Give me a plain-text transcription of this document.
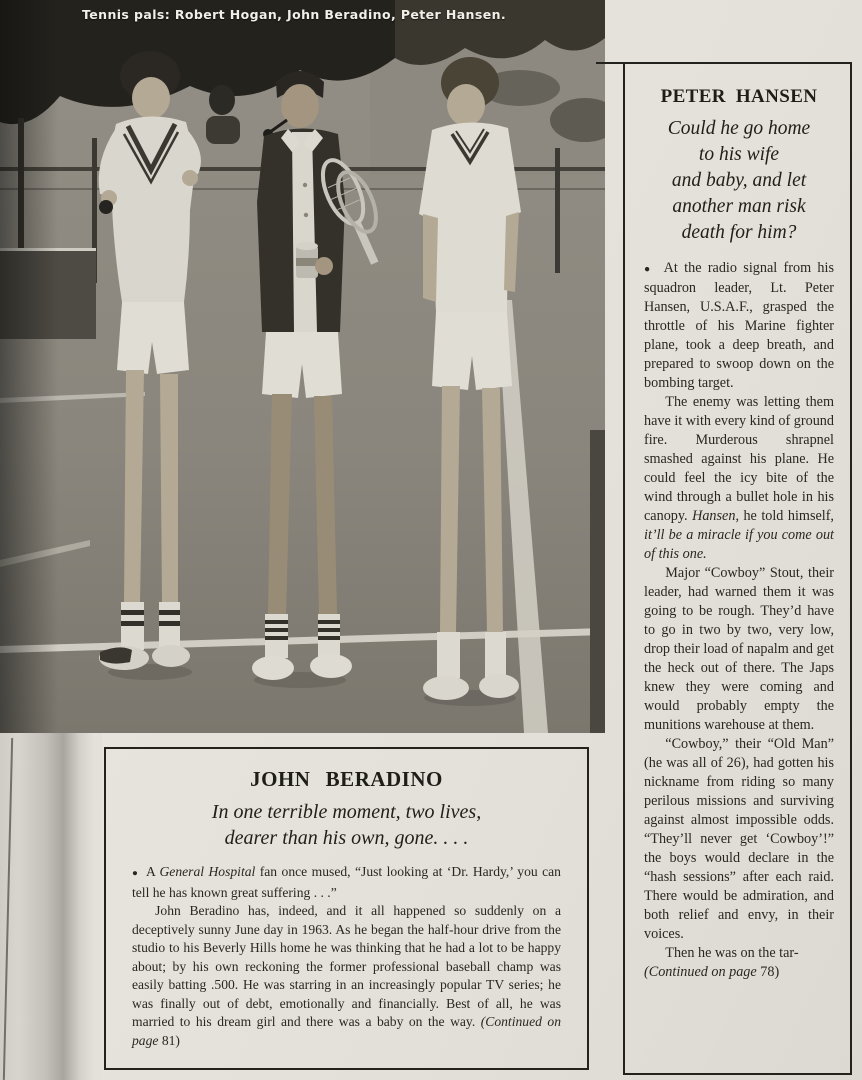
Tennis pals: Robert Hogan, John Beradino, Peter Hansen.
JOHN BERADINO
In one terrible moment, two lives,
dearer than his own, gone. . . .

●  A General Hospital fan once mused, “Just looking at ‘Dr. Hardy,’ you can tell he has known great suffering . . .”

John Beradino has, indeed, and it all happened so suddenly on a deceptively sunny June day in 1963. As he began the half-hour drive from the studio to his Beverly Hills home he was thinking that he had a lot to be happy about; by his own reckoning the former professional baseball champ was easily batting .500. He was starring in an increasingly popular TV series; he was finally out of debt, emotionally and financially. Best of all, he was married to his dream girl and there was a baby on the way. (Continued on page 81)

PETER HANSEN
Could he go home
to his wife
and baby, and let
another man risk
death for him?

●  At the radio signal from his squadron leader, Lt. Peter Hansen, U.S.A.F., grasped the throttle of his Marine fighter plane, took a deep breath, and prepared to swoop down on the bombing target.

The enemy was letting them have it with every kind of ground fire. Murderous shrapnel smashed against his plane. He could feel the icy bite of the wind through a bullet hole in his canopy. Hansen, he told himself, it’ll be a miracle if you come out of this one.

Major “Cowboy” Stout, their leader, had warned them it was going to be rough. They’d have to go in two by two, very low, drop their load of napalm and get the heck out of there. The Japs knew they were coming and would probably empty the munitions warehouse at them.

“Cowboy,” their “Old Man” (he was all of 26), had gotten his nickname from riding so many perilous missions and surviving against almost impossible odds. “They’ll never get ‘Cowboy’!” the boys would declare in the “hash sessions” after each raid. There would be admiration, and both relief and envy, in their voices.

Then he was on the tar-

(Continued on page 78)
